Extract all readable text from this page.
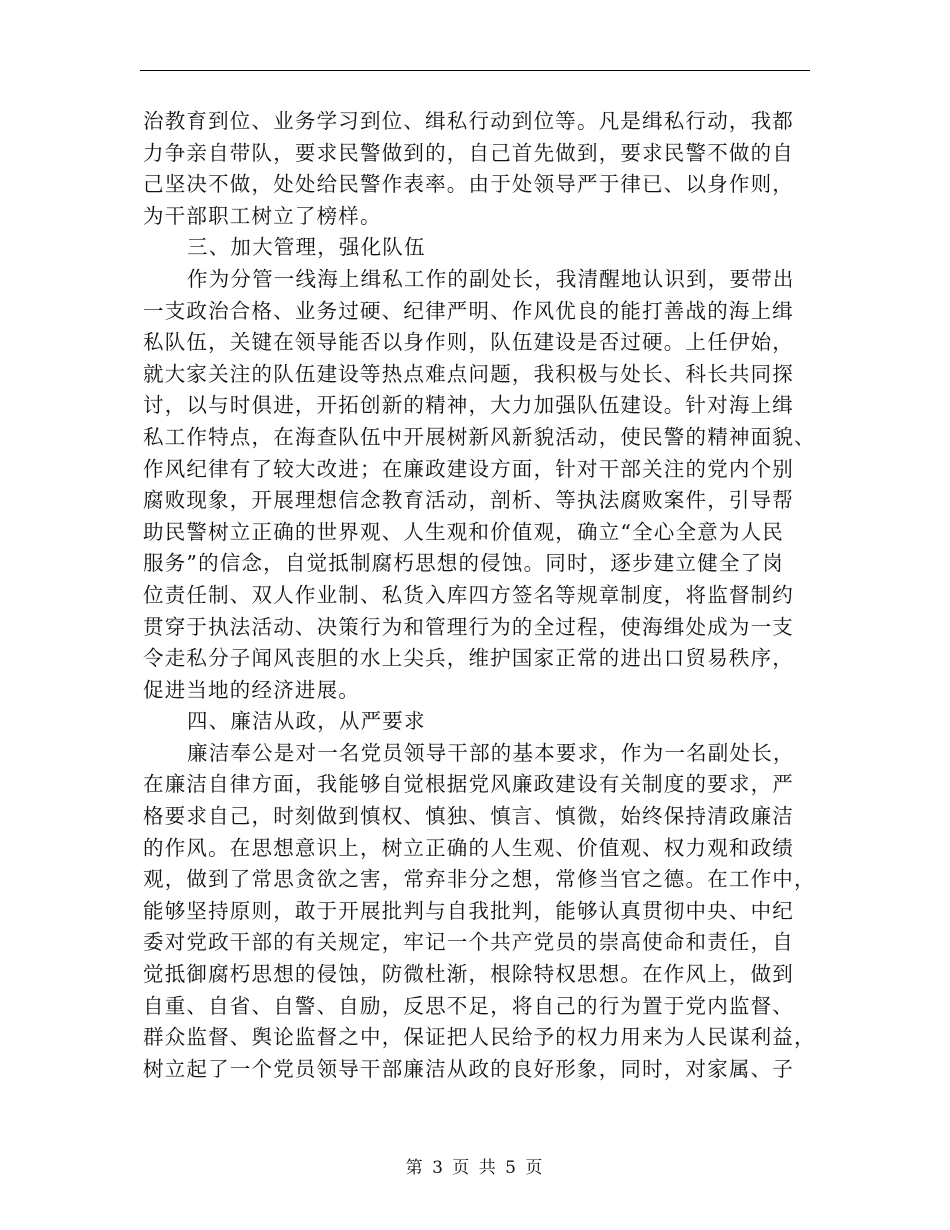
治教育到位、业务学习到位、缉私行动到位等。凡是缉私行动，我都
力争亲自带队，要求民警做到的，自己首先做到，要求民警不做的自
己坚决不做，处处给民警作表率。由于处领导严于律已、以身作则，
为干部职工树立了榜样。
三、加大管理，强化队伍
作为分管一线海上缉私工作的副处长，我清醒地认识到，要带出
一支政治合格、业务过硬、纪律严明、作风优良的能打善战的海上缉
私队伍，关键在领导能否以身作则，队伍建设是否过硬。上任伊始，
就大家关注的队伍建设等热点难点问题，我积极与处长、科长共同探
讨，以与时俱进，开拓创新的精神，大力加强队伍建设。针对海上缉
私工作特点，在海查队伍中开展树新风新貌活动，使民警的精神面貌、
作风纪律有了较大改进；在廉政建设方面，针对干部关注的党内个别
腐败现象，开展理想信念教育活动，剖析、等执法腐败案件，引导帮
助民警树立正确的世界观、人生观和价值观，确立“全心全意为人民
服务”的信念，自觉抵制腐朽思想的侵蚀。同时，逐步建立健全了岗
位责任制、双人作业制、私货入库四方签名等规章制度，将监督制约
贯穿于执法活动、决策行为和管理行为的全过程，使海缉处成为一支
令走私分子闻风丧胆的水上尖兵，维护国家正常的进出口贸易秩序，
促进当地的经济进展。
四、廉洁从政，从严要求
廉洁奉公是对一名党员领导干部的基本要求，作为一名副处长，
在廉洁自律方面，我能够自觉根据党风廉政建设有关制度的要求，严
格要求自己，时刻做到慎权、慎独、慎言、慎微，始终保持清政廉洁
的作风。在思想意识上，树立正确的人生观、价值观、权力观和政绩
观，做到了常思贪欲之害，常弃非分之想，常修当官之德。在工作中，
能够坚持原则，敢于开展批判与自我批判，能够认真贯彻中央、中纪
委对党政干部的有关规定，牢记一个共产党员的崇高使命和责任，自
觉抵御腐朽思想的侵蚀，防微杜渐，根除特权思想。在作风上，做到
自重、自省、自警、自励，反思不足，将自己的行为置于党内监督、
群众监督、舆论监督之中，保证把人民给予的权力用来为人民谋利益，
树立起了一个党员领导干部廉洁从政的良好形象，同时，对家属、子
第 3 页 共 5 页
